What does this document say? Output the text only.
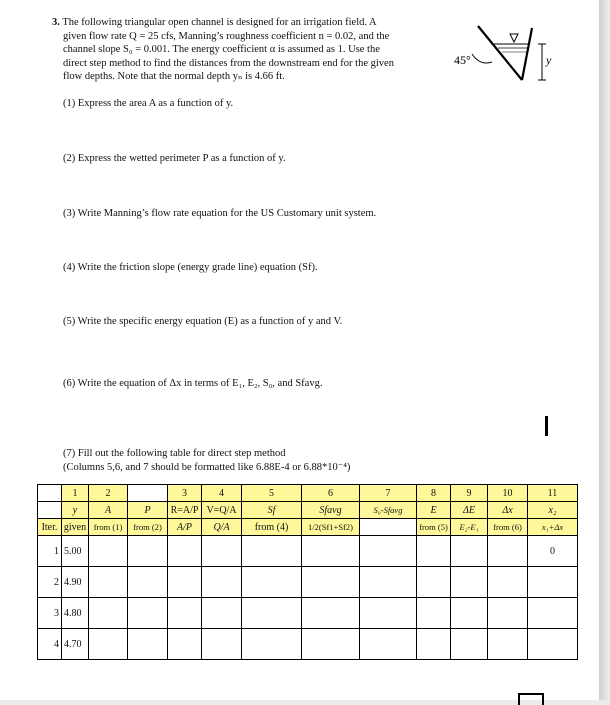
3. The following triangular open channel is designed for an irrigation field. A
given flow rate Q = 25 cfs, Manning’s roughness coefficient n = 0.02, and the
channel slope S₀ = 0.001. The energy coefficient α is assumed as 1. Use the
direct step method to find the distances from the downstream end for the given
flow depths. Note that the normal depth yₙ is 4.66 ft.
45°	y
(1) Express the area A as a function of y.
(2) Express the wetted perimeter P as a function of y.
(3) Write Manning’s flow rate equation for the US Customary unit system.
(4) Write the friction slope (energy grade line) equation (Sf).
(5) Write the specific energy equation (E) as a function of y and V.
(6) Write the equation of Δx in terms of E₁, E₂, S₀, and Sfavg.
(7) Fill out the following table for direct step method
(Columns 5,6, and 7 should be formatted like 6.88E-4 or 6.88*10⁻⁴)
	1	2		3	4	5	6	7	8	9	10	11
	y	A	P	R=A/P	V=Q/A	Sf	Sfavg	S₀-Sfavg	E	ΔE	Δx	x₂
Iter.	given	from (1)	from (2)	A/P	Q/A	from (4)	1/2(Sf1+Sf2)		from (5)	E₂-E₁	from (6)	x₁+Δx
1	5.00											0
2	4.90											
3	4.80											
4	4.70											
